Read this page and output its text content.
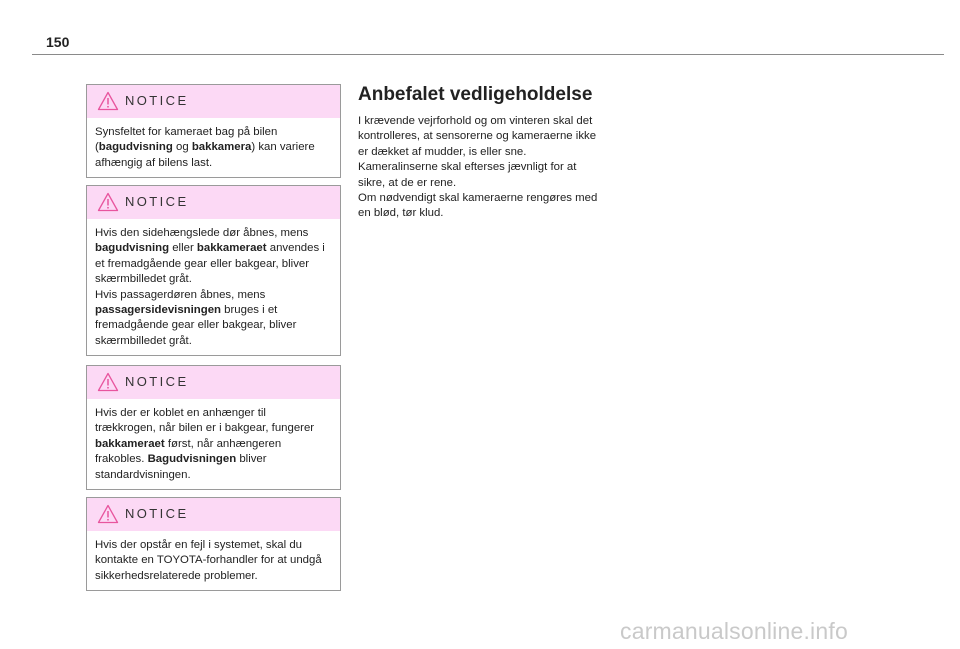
150
NOTICE
Synsfeltet for kameraet bag på bilen
(bagudvisning og bakkamera) kan variere
afhængig af bilens last.
NOTICE
Hvis den sidehængslede dør åbnes, mens
bagudvisning eller bakkameraet anvendes i
et fremadgående gear eller bakgear, bliver
skærmbilledet gråt.
Hvis passagerdøren åbnes, mens
passagersidevisningen bruges i et
fremadgående gear eller bakgear, bliver
skærmbilledet gråt.
NOTICE
Hvis der er koblet en anhænger til
trækkrogen, når bilen er i bakgear, fungerer
bakkameraet først, når anhængeren
frakobles. Bagudvisningen bliver
standardvisningen.
NOTICE
Hvis der opstår en fejl i systemet, skal du
kontakte en TOYOTA-forhandler for at undgå
sikkerhedsrelaterede problemer.
Anbefalet vedligeholdelse
I krævende vejrforhold og om vinteren skal det
kontrolleres, at sensorerne og kameraerne ikke
er dækket af mudder, is eller sne.
Kameralinserne skal efterses jævnligt for at
sikre, at de er rene.
Om nødvendigt skal kameraerne rengøres med
en blød, tør klud.
carmanualsonline.info
